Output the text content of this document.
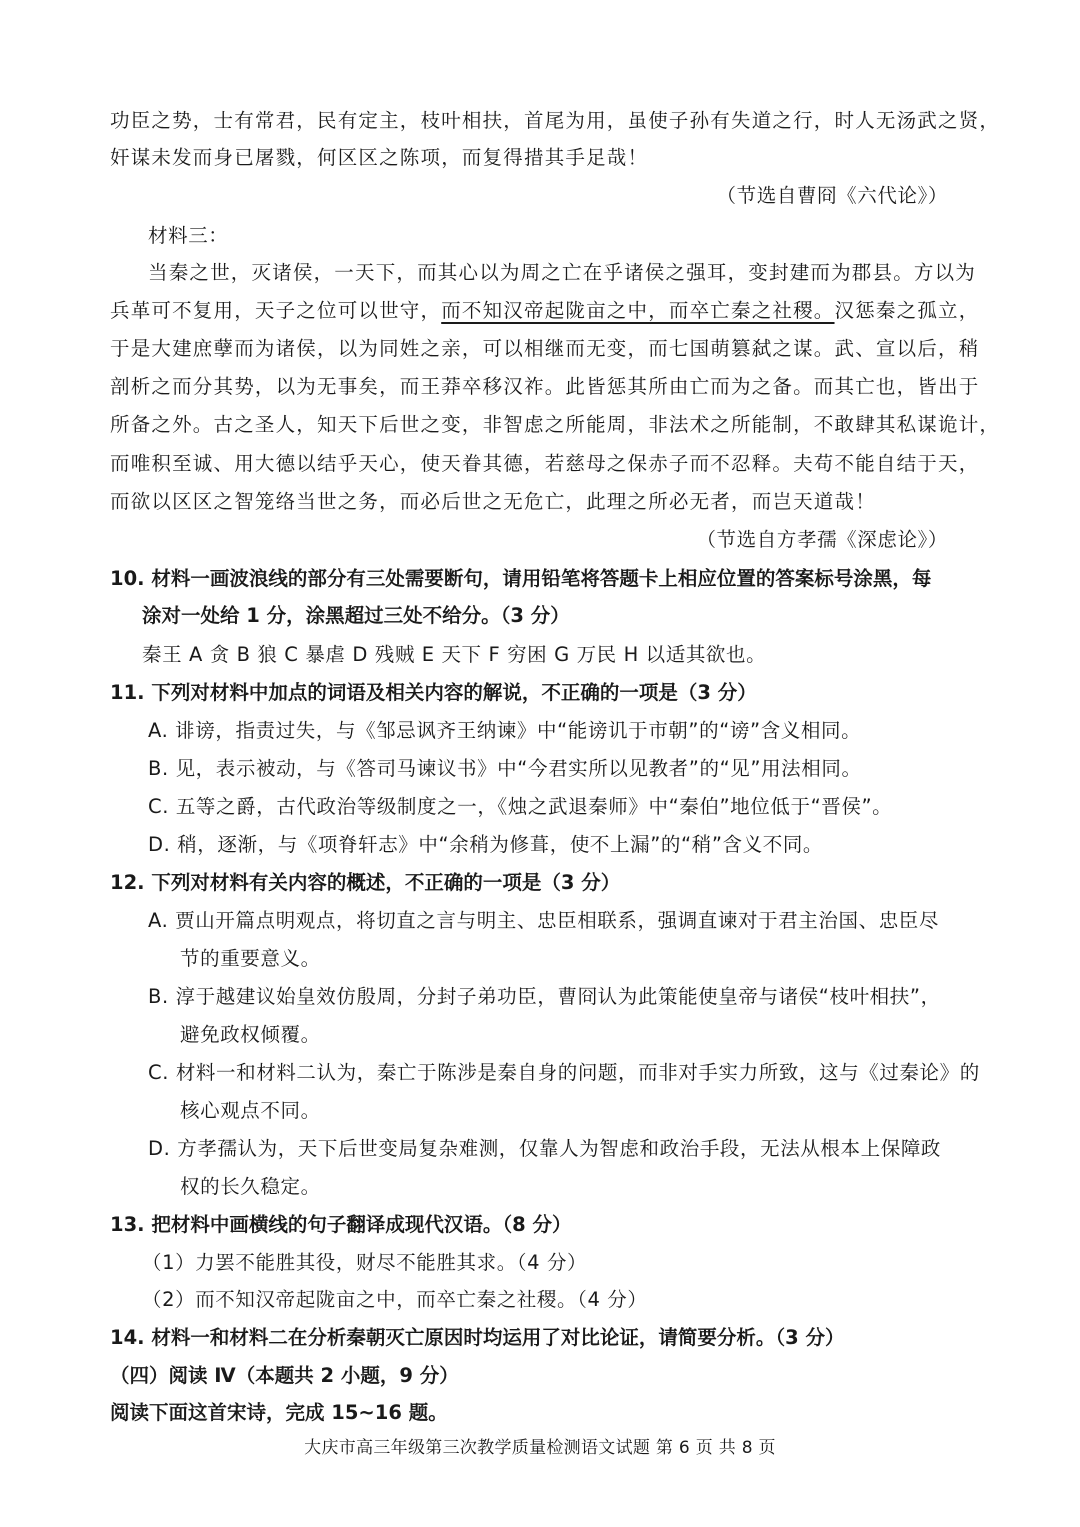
功臣之势，士有常君，民有定主，枝叶相扶，首尾为用，虽使子孙有失道之行，时人无汤武之贤，
奸谋未发而身已屠戮，何区区之陈项，而复得措其手足哉！
（节选自曹冏《六代论》）
材料三：
当秦之世，灭诸侯，一天下，而其心以为周之亡在乎诸侯之强耳，变封建而为郡县。方以为
兵革可不复用，天子之位可以世守，而不知汉帝起陇亩之中，而卒亡秦之社稷。汉惩秦之孤立，
于是大建庶孽而为诸侯，以为同姓之亲，可以相继而无变，而七国萌篡弑之谋。武、宣以后，稍
剖析之而分其势，以为无事矣，而王莽卒移汉祚。此皆惩其所由亡而为之备。而其亡也，皆出于
所备之外。古之圣人，知天下后世之变，非智虑之所能周，非法术之所能制，不敢肆其私谋诡计，
而唯积至诚、用大德以结乎天心，使天眷其德，若慈母之保赤子而不忍释。夫苟不能自结于天，
而欲以区区之智笼络当世之务，而必后世之无危亡，此理之所必无者，而岂天道哉！
（节选自方孝孺《深虑论》）
10. 材料一画波浪线的部分有三处需要断句，请用铅笔将答题卡上相应位置的答案标号涂黑，每
涂对一处给 1 分，涂黑超过三处不给分。（3 分）
秦王 A 贪 B 狼 C 暴虐 D 残贼 E 天下 F 穷困 G 万民 H 以适其欲也。
11. 下列对材料中加点的词语及相关内容的解说，不正确的一项是（3 分）
A. 诽谤，指责过失，与《邹忌讽齐王纳谏》中“能谤讥于市朝”的“谤”含义相同。
B. 见，表示被动，与《答司马谏议书》中“今君实所以见教者”的“见”用法相同。
C. 五等之爵，古代政治等级制度之一，《烛之武退秦师》中“秦伯”地位低于“晋侯”。
D. 稍，逐渐，与《项脊轩志》中“余稍为修葺，使不上漏”的“稍”含义不同。
12. 下列对材料有关内容的概述，不正确的一项是（3 分）
A. 贾山开篇点明观点，将切直之言与明主、忠臣相联系，强调直谏对于君主治国、忠臣尽
节的重要意义。
B. 淳于越建议始皇效仿殷周，分封子弟功臣，曹冏认为此策能使皇帝与诸侯“枝叶相扶”，
避免政权倾覆。
C. 材料一和材料二认为，秦亡于陈涉是秦自身的问题，而非对手实力所致，这与《过秦论》的
核心观点不同。
D. 方孝孺认为，天下后世变局复杂难测，仅靠人为智虑和政治手段，无法从根本上保障政
权的长久稳定。
13. 把材料中画横线的句子翻译成现代汉语。（8 分）
（1）力罢不能胜其役，财尽不能胜其求。（4 分）
（2）而不知汉帝起陇亩之中，而卒亡秦之社稷。（4 分）
14. 材料一和材料二在分析秦朝灭亡原因时均运用了对比论证，请简要分析。（3 分）
（四）阅读 Ⅳ（本题共 2 小题，9 分）
阅读下面这首宋诗，完成 15~16 题。
大庆市高三年级第三次教学质量检测语文试题 第 6 页 共 8 页
